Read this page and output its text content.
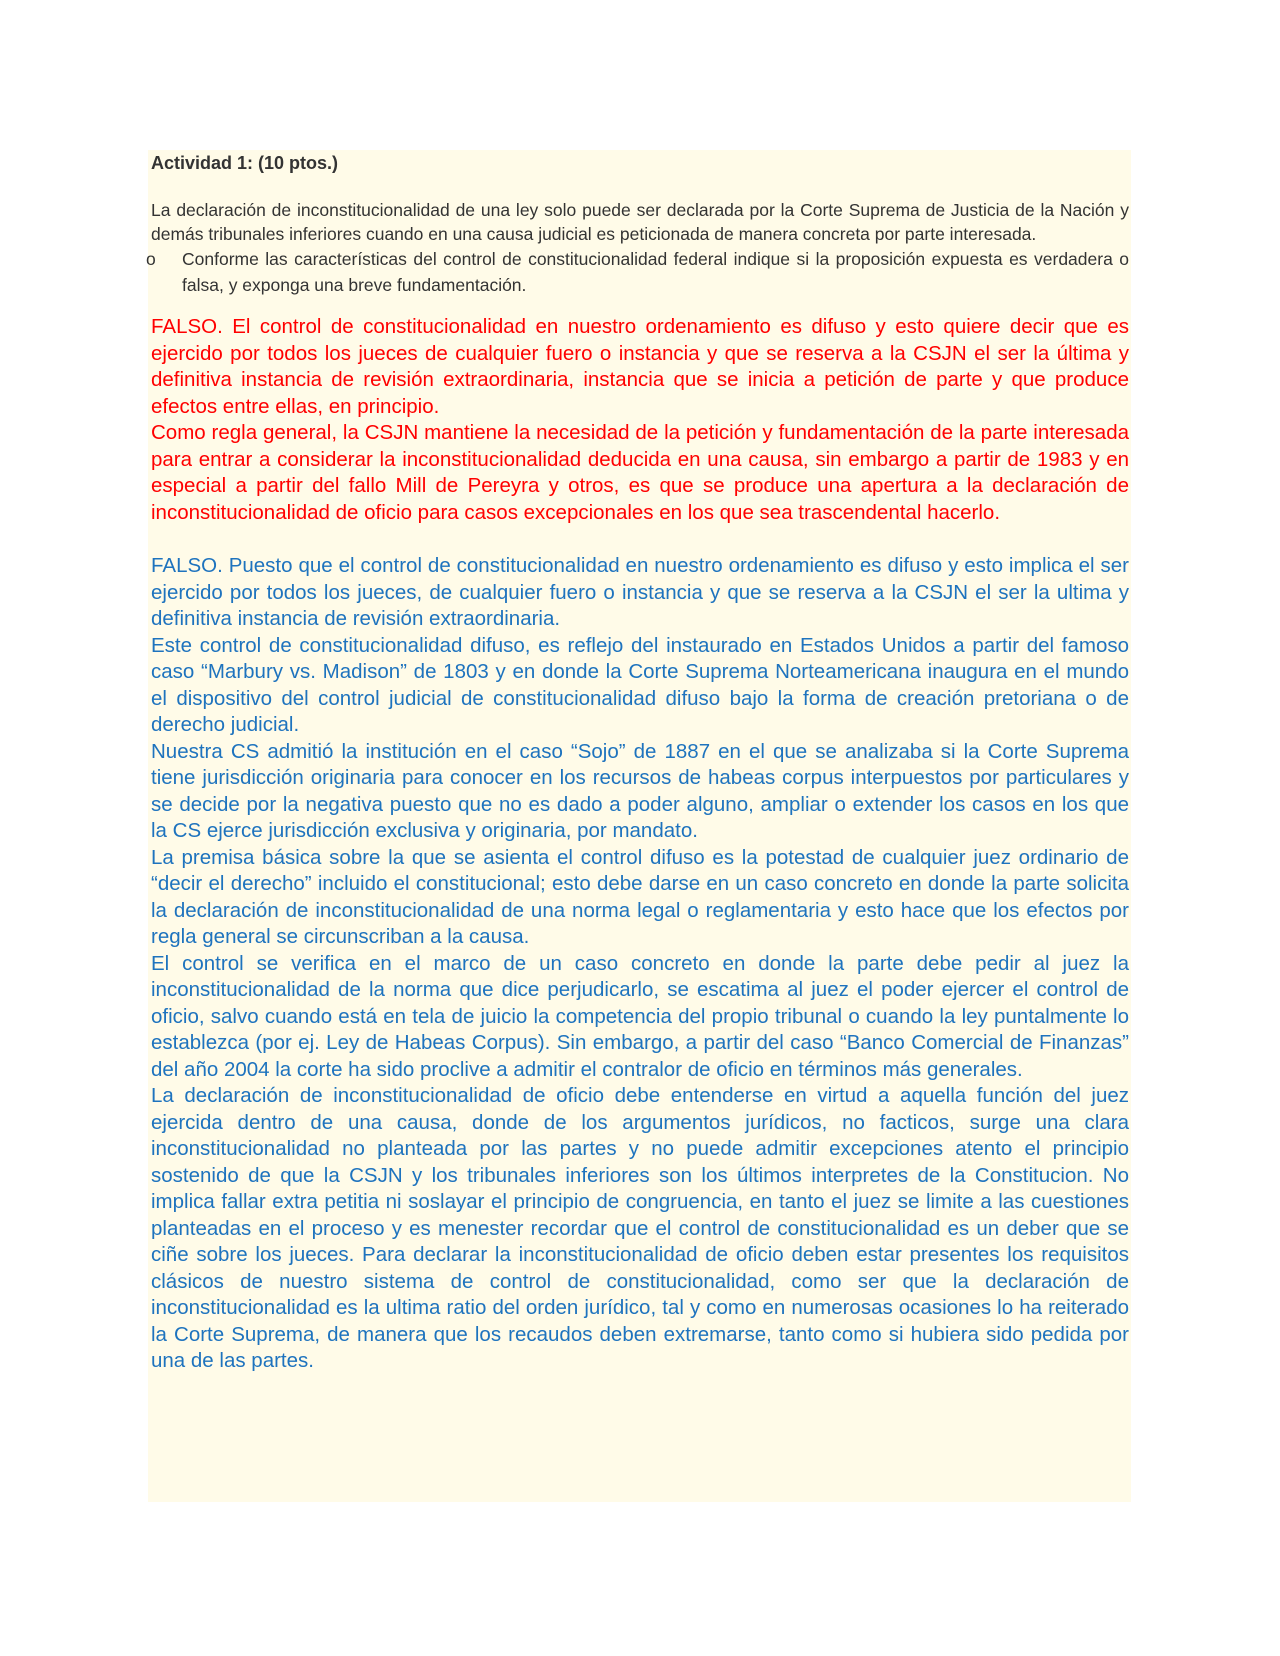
Actividad 1: (10 ptos.)

La declaración de inconstitucionalidad de una ley solo puede ser declarada por la Corte Suprema de Justicia de la Nación y demás tribunales inferiores cuando en una causa judicial es peticionada de manera concreta por parte interesada.

o Conforme las características del control de constitucionalidad federal indique si la proposición expuesta es verdadera o falsa, y exponga una breve fundamentación.
FALSO. El control de constitucionalidad en nuestro ordenamiento es difuso y esto quiere decir que es ejercido por todos los jueces de cualquier fuero o instancia y que se reserva a la CSJN el ser la última y definitiva instancia de revisión extraordinaria, instancia que se inicia a petición de parte y que produce efectos entre ellas, en principio.
Como regla general, la CSJN mantiene la necesidad de la petición y fundamentación de la parte interesada para entrar a considerar la inconstitucionalidad deducida en una causa, sin embargo a partir de 1983 y en especial a partir del fallo Mill de Pereyra y otros, es que se produce una apertura a la declaración de inconstitucionalidad de oficio para casos excepcionales en los que sea trascendental hacerlo.
FALSO. Puesto que el control de constitucionalidad en nuestro ordenamiento es difuso y esto implica el ser ejercido por todos los jueces, de cualquier fuero o instancia y que se reserva a la CSJN el ser la ultima y definitiva instancia de revisión extraordinaria.
Este control de constitucionalidad difuso, es reflejo del instaurado en Estados Unidos a partir del famoso caso “Marbury vs. Madison” de 1803 y en donde la Corte Suprema Norteamericana inaugura en el mundo el dispositivo del control judicial de constitucionalidad difuso bajo la forma de creación pretoriana o de derecho judicial.
Nuestra CS admitió la institución en el caso “Sojo” de 1887 en el que se analizaba si la Corte Suprema tiene jurisdicción originaria para conocer en los recursos de habeas corpus interpuestos por particulares y se decide por la negativa puesto que no es dado a poder alguno, ampliar o extender los casos en los que la CS ejerce jurisdicción exclusiva y originaria, por mandato.
La premisa básica sobre la que se asienta el control difuso es la potestad de cualquier juez ordinario de “decir el derecho” incluido el constitucional; esto debe darse en un caso concreto en donde la parte solicita la declaración de inconstitucionalidad de una norma legal o reglamentaria y esto hace que los efectos por regla general se circunscriban a la causa.
El control se verifica en el marco de un caso concreto en donde la parte debe pedir al juez la inconstitucionalidad de la norma que dice perjudicarlo, se escatima al juez el poder ejercer el control de oficio, salvo cuando está en tela de juicio la competencia del propio tribunal o cuando la ley puntalmente lo establezca (por ej. Ley de Habeas Corpus). Sin embargo, a partir del caso “Banco Comercial de Finanzas” del año 2004 la corte ha sido proclive a admitir el contralor de oficio en términos más generales.
La declaración de inconstitucionalidad de oficio debe entenderse en virtud a aquella función del juez ejercida dentro de una causa, donde de los argumentos jurídicos, no facticos, surge una clara inconstitucionalidad no planteada por las partes y no puede admitir excepciones atento el principio sostenido de que la CSJN y los tribunales inferiores son los últimos interpretes de la Constitucion. No implica fallar extra petitia ni soslayar el principio de congruencia, en tanto el juez se limite a las cuestiones planteadas en el proceso y es menester recordar que el control de constitucionalidad es un deber que se ciñe sobre los jueces. Para declarar la inconstitucionalidad de oficio deben estar presentes los requisitos clásicos de nuestro sistema de control de constitucionalidad, como ser que la declaración de inconstitucionalidad es la ultima ratio del orden jurídico, tal y como en numerosas ocasiones lo ha reiterado la Corte Suprema, de manera que los recaudos deben extremarse, tanto como si hubiera sido pedida por una de las partes.
